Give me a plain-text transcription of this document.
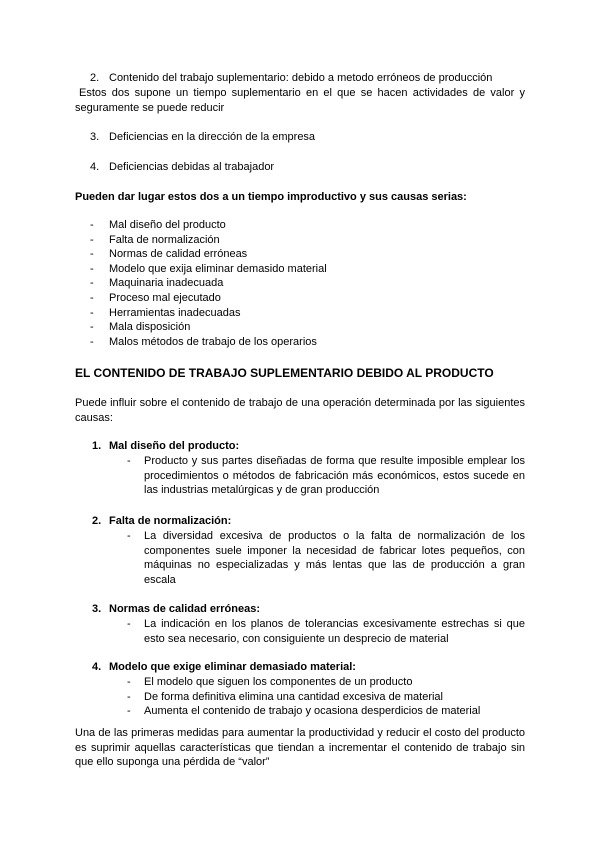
2. Contenido del trabajo suplementario: debido a metodo erróneos de producción

Estos dos supone un tiempo suplementario en el que se hacen actividades de valor y seguramente se puede reducir

3. Deficiencias en la dirección de la empresa
4. Deficiencias debidas al trabajador

Pueden dar lugar estos dos a un tiempo improductivo y sus causas serias:

- Mal diseño del producto
- Falta de normalización
- Normas de calidad erróneas
- Modelo que exija eliminar demasido material
- Maquinaria inadecuada
- Proceso mal ejecutado
- Herramientas inadecuadas
- Mala disposición
- Malos métodos de trabajo de los operarios

EL CONTENIDO DE TRABAJO SUPLEMENTARIO DEBIDO AL PRODUCTO

Puede influir sobre el contenido de trabajo de una operación determinada por las siguientes causas:

1. Mal diseño del producto:
- Producto y sus partes diseñadas de forma que resulte imposible emplear los procedimientos o métodos de fabricación más económicos, estos sucede en las industrias metalúrgicas y de gran producción
2. Falta de normalización:
- La diversidad excesiva de productos o la falta de normalización de los componentes suele imponer la necesidad de fabricar lotes pequeños, con máquinas no especializadas y más lentas que las de producción a gran escala
3. Normas de calidad erróneas:
- La indicación en los planos de tolerancias excesivamente estrechas si que esto sea necesario, con consiguiente un desprecio de material
4. Modelo que exige eliminar demasiado material:
- El modelo que siguen los componentes de un producto
- De forma definitiva elimina una cantidad excesiva de material
- Aumenta el contenido de trabajo y ocasiona desperdicios de material

Una de las primeras medidas para aumentar la productividad y reducir el costo del producto es suprimir aquellas características que tiendan a incrementar el contenido de trabajo sin que ello suponga una pérdida de “valor”
